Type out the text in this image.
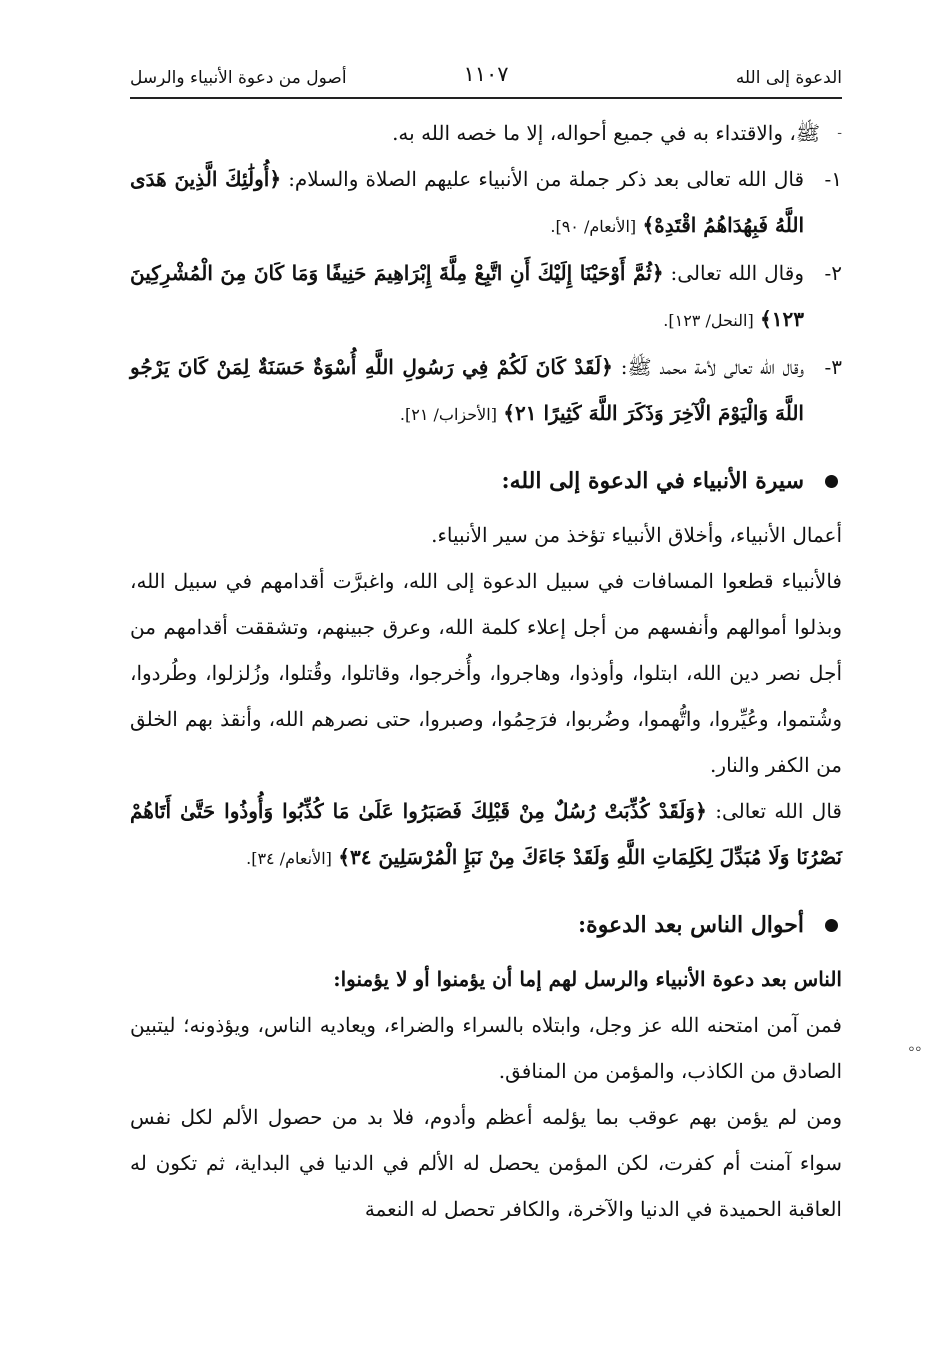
الدعوة إلى الله
١١٠٧
أصول من دعوة الأنبياء والرسل

-
ﷺ، والاقتداء به في جميع أحواله، إلا ما خصه الله به.

١-
قال الله تعالى بعد ذكر جملة من الأنبياء عليهم الصلاة والسلام: ﴿أُولَٰئِكَ الَّذِينَ هَدَى اللَّهُ فَبِهُدَاهُمُ اقْتَدِهْ﴾ [الأنعام/ ٩٠].

٢-
وقال الله تعالى: ﴿ثُمَّ أَوْحَيْنَا إِلَيْكَ أَنِ اتَّبِعْ مِلَّةَ إِبْرَاهِيمَ حَنِيفًا وَمَا كَانَ مِنَ الْمُشْرِكِينَ ١٢٣﴾ [النحل/ ١٢٣].

٣-
وقال الله تعالى لأمة محمد ﷺ: ﴿لَقَدْ كَانَ لَكُمْ فِي رَسُولِ اللَّهِ أُسْوَةٌ حَسَنَةٌ لِمَنْ كَانَ يَرْجُو اللَّهَ وَالْيَوْمَ الْآخِرَ وَذَكَرَ اللَّهَ كَثِيرًا ٢١﴾ [الأحزاب/ ٢١].

سيرة الأنبياء في الدعوة إلى الله:

أعمال الأنبياء، وأخلاق الأنبياء تؤخذ من سير الأنبياء.

فالأنبياء قطعوا المسافات في سبيل الدعوة إلى الله، واغبرَّت أقدامهم في سبيل الله، وبذلوا أموالهم وأنفسهم من أجل إعلاء كلمة الله، وعرق جبينهم، وتشققت أقدامهم من أجل نصر دين الله، ابتلوا، وأوذوا، وهاجروا، وأُخرجوا، وقاتلوا، وقُتلوا، وزُلزلوا، وطُردوا، وشُتموا، وعُيِّروا، واتُّهموا، وضُربوا، فرَحِمُوا، وصبروا، حتى نصرهم الله، وأنقذ بهم الخلق من الكفر والنار.

قال الله تعالى: ﴿وَلَقَدْ كُذِّبَتْ رُسُلٌ مِنْ قَبْلِكَ فَصَبَرُوا عَلَىٰ مَا كُذِّبُوا وَأُوذُوا حَتَّىٰ أَتَاهُمْ نَصْرُنَا وَلَا مُبَدِّلَ لِكَلِمَاتِ اللَّهِ وَلَقَدْ جَاءَكَ مِنْ نَبَإِ الْمُرْسَلِينَ ٣٤﴾ [الأنعام/ ٣٤].

أحوال الناس بعد الدعوة:

الناس بعد دعوة الأنبياء والرسل لهم إما أن يؤمنوا أو لا يؤمنوا:

فمن آمن امتحنه الله عز وجل، وابتلاه بالسراء والضراء، ويعاديه الناس، ويؤذونه؛ ليتبين الصادق من الكاذب، والمؤمن من المنافق.

ومن لم يؤمن بهم عوقب بما يؤلمه أعظم وأدوم، فلا بد من حصول الألم لكل نفس سواء آمنت أم كفرت، لكن المؤمن يحصل له الألم في الدنيا في البداية، ثم تكون له العاقبة الحميدة في الدنيا والآخرة، والكافر تحصل له النعمة

⸰⸰
